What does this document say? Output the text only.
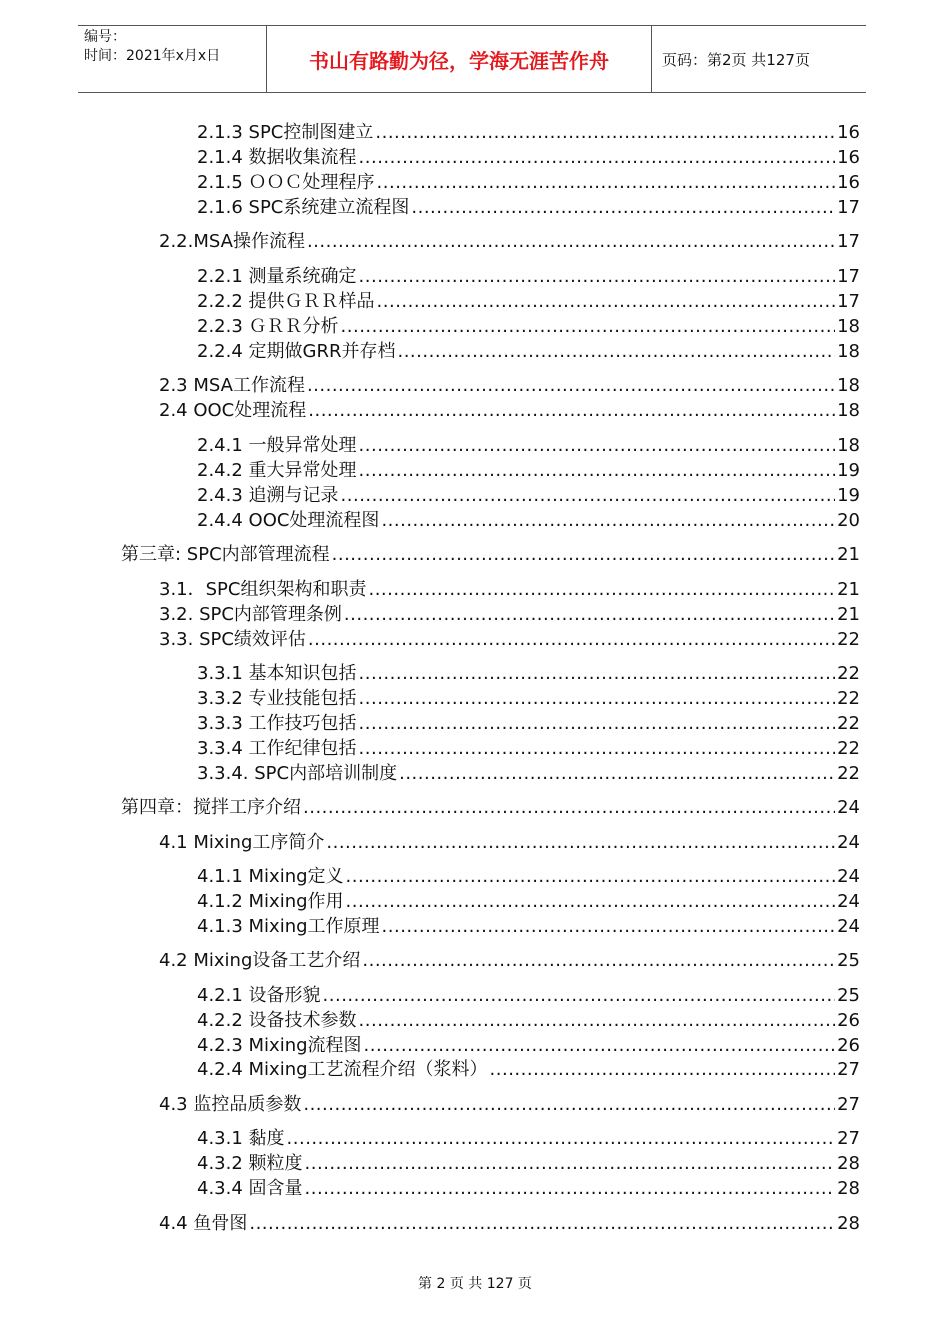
编号：
时间：2021年x月x日	书山有路勤为径，学海无涯苦作舟	页码：第2页 共127页
2.1.3 SPC控制图建立 .....	16
2.1.4 数据收集流程 .....	16
2.1.5 ＯＯＣ处理程序 .....	16
2.1.6 SPC系统建立流程图 .....	17
2.2.MSA操作流程 .....	17
2.2.1 测量系统确定 .....	17
2.2.2 提供ＧＲＲ样品 .....	17
2.2.3 ＧＲＲ分析 .....	18
2.2.4 定期做GRR并存档 .....	18
2.3 MSA工作流程 .....	18
2.4 OOC处理流程 .....	18
2.4.1 一般异常处理 .....	18
2.4.2 重大异常处理 .....	19
2.4.3 追溯与记录 .....	19
2.4.4 OOC处理流程图 .....	20
第三章: SPC内部管理流程 .....	21
3.1．SPC组织架构和职责 .....	21
3.2. SPC内部管理条例 .....	21
3.3. SPC绩效评估 .....	22
3.3.1 基本知识包括 .....	22
3.3.2 专业技能包括 .....	22
3.3.3 工作技巧包括 .....	22
3.3.4 工作纪律包括 .....	22
3.3.4. SPC内部培训制度 .....	22
第四章：搅拌工序介绍 .....	24
4.1 Mixing工序简介 .....	24
4.1.1 Mixing定义 .....	24
4.1.2 Mixing作用 .....	24
4.1.3 Mixing工作原理 .....	24
4.2 Mixing设备工艺介绍 .....	25
4.2.1 设备形貌 .....	25
4.2.2 设备技术参数 .....	26
4.2.3 Mixing流程图 .....	26
4.2.4 Mixing工艺流程介绍（浆料） .....	27
4.3 监控品质参数 .....	27
4.3.1 黏度 .....	27
4.3.2 颗粒度 .....	28
4.3.4 固含量 .....	28
4.4 鱼骨图 .....	28
第 2 页 共 127 页
